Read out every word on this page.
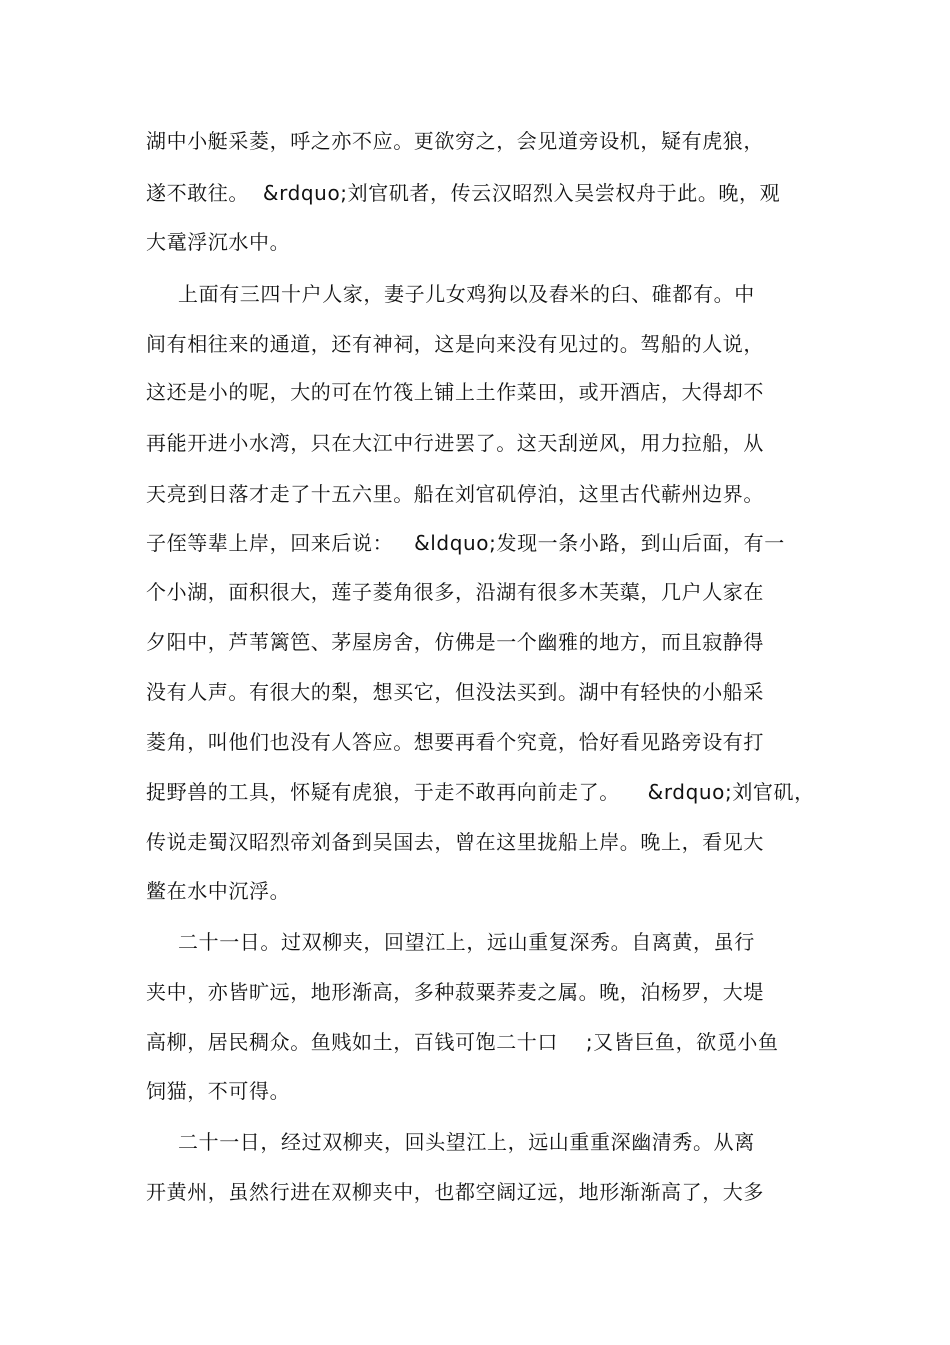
湖中小艇采菱，呼之亦不应。更欲穷之，会见道旁设机，疑有虎狼，
遂不敢往。  &rdquo;刘官矶者，传云汉昭烈入吴尝权舟于此。晚，观
大鼋浮沉水中。
上面有三四十户人家，妻子儿女鸡狗以及舂米的臼、碓都有。中
间有相往来的通道，还有神祠，这是向来没有见过的。驾船的人说，
这还是小的呢，大的可在竹筏上铺上土作菜田，或开酒店，大得却不
再能开进小水湾，只在大江中行进罢了。这天刮逆风，用力拉船，从
天亮到日落才走了十五六里。船在刘官矶停泊，这里古代蕲州边界。
子侄等辈上岸，回来后说：   &ldquo;发现一条小路，到山后面，有一
个小湖，面积很大，莲子菱角很多，沿湖有很多木芙蕖，几户人家在
夕阳中，芦苇篱笆、茅屋房舍，仿佛是一个幽雅的地方，而且寂静得
没有人声。有很大的梨，想买它，但没法买到。湖中有轻快的小船采
菱角，叫他们也没有人答应。想要再看个究竟，恰好看见路旁设有打
捉野兽的工具，怀疑有虎狼，于走不敢再向前走了。    &rdquo;刘官矶，
传说走蜀汉昭烈帝刘备到吴国去，曾在这里拢船上岸。晚上，看见大
鳖在水中沉浮。
二十一日。过双柳夹，回望江上，远山重复深秀。自离黄，虽行
夹中，亦皆旷远，地形渐高，多种菽粟荞麦之属。晚，泊杨罗，大堤
高柳，居民稠众。鱼贱如土，百钱可饱二十口    ;又皆巨鱼，欲觅小鱼
饲猫，不可得。
二十一日，经过双柳夹，回头望江上，远山重重深幽清秀。从离
开黄州，虽然行进在双柳夹中，也都空阔辽远，地形渐渐高了，大多
